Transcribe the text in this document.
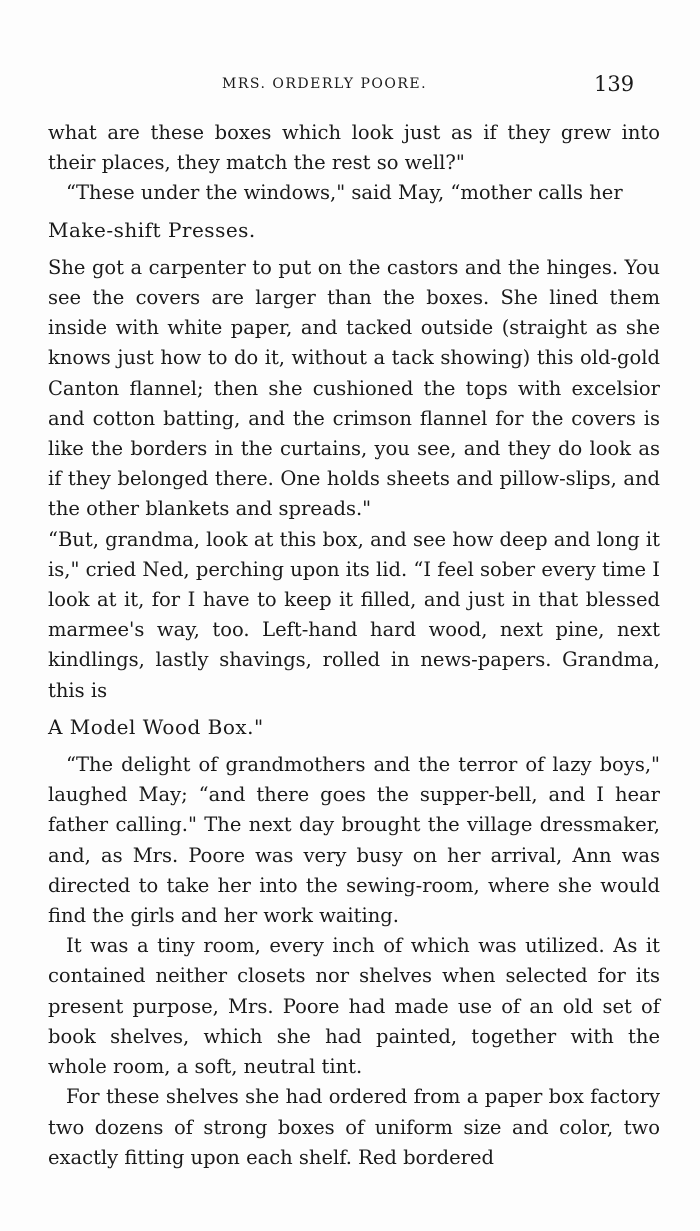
MRS. ORDERLY POORE.	139

what are these boxes which look just as if they grew into their places, they match the rest so well?"

“These under the windows," said May, “mother calls her

Make-shift Presses.

She got a carpenter to put on the castors and the hinges. You see the covers are larger than the boxes. She lined them inside with white paper, and tacked outside (straight as she knows just how to do it, without a tack showing) this old-gold Canton flannel; then she cushioned the tops with excelsior and cotton batting, and the crimson flannel for the covers is like the borders in the curtains, you see, and they do look as if they belonged there. One holds sheets and pillow-slips, and the other blankets and spreads."

“But, grandma, look at this box, and see how deep and long it is," cried Ned, perching upon its lid. “I feel sober every time I look at it, for I have to keep it filled, and just in that blessed marmee's way, too. Left-hand hard wood, next pine, next kindlings, lastly shavings, rolled in news-papers. Grandma, this is

A Model Wood Box."

“The delight of grandmothers and the terror of lazy boys," laughed May; “and there goes the supper-bell, and I hear father calling." The next day brought the village dressmaker, and, as Mrs. Poore was very busy on her arrival, Ann was directed to take her into the sewing-room, where she would find the girls and her work waiting.

It was a tiny room, every inch of which was utilized. As it contained neither closets nor shelves when selected for its present purpose, Mrs. Poore had made use of an old set of book shelves, which she had painted, together with the whole room, a soft, neutral tint.

For these shelves she had ordered from a paper box factory two dozens of strong boxes of uniform size and color, two exactly fitting upon each shelf. Red bordered
